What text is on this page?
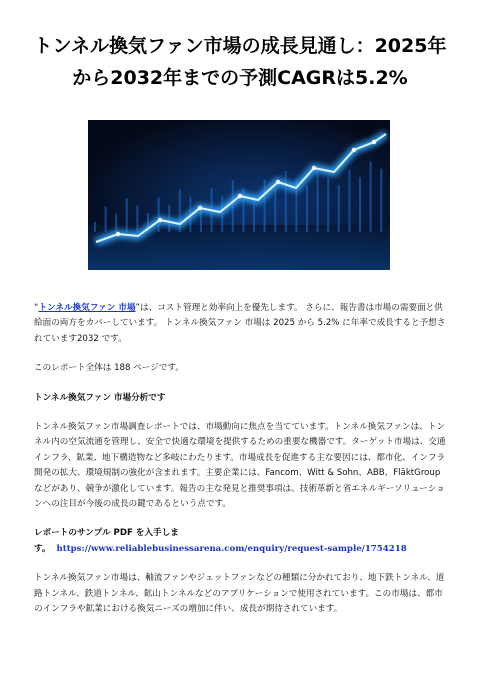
トンネル換気ファン市場の成長見通し：2025年
から2032年までの予測CAGRは5.2%

“トンネル換気ファン 市場”は、コスト管理と効率向上を優先します。 さらに、報告書は市場の需要面と供給面の両方をカバーしています。 トンネル換気ファン 市場は 2025 から 5.2% に年率で成長すると予想されています2032 です。

このレポート全体は 188 ページです。

トンネル換気ファン 市場分析です

トンネル換気ファン市場調査レポートでは、市場動向に焦点を当てています。トンネル換気ファンは、トンネル内の空気流通を管理し、安全で快適な環境を提供するための重要な機器です。ターゲット市場は、交通インフラ、鉱業、地下構造物など多岐にわたります。市場成長を促進する主な要因には、都市化、インフラ開発の拡大、環境規制の強化が含まれます。主要企業には、Fancom、Witt & Sohn、ABB、FläktGroupなどがあり、競争が激化しています。報告の主な発見と推奨事項は、技術革新と省エネルギーソリューションへの注目が今後の成長の鍵であるという点です。

レポートのサンプル PDF を入手しま
す。 https://www.reliablebusinessarena.com/enquiry/request-sample/1754218

トンネル換気ファン市場は、軸流ファンやジェットファンなどの種類に分かれており、地下鉄トンネル、道路トンネル、鉄道トンネル、鉱山トンネルなどのアプリケーションで使用されています。この市場は、都市のインフラや鉱業における換気ニーズの増加に伴い、成長が期待されています。
